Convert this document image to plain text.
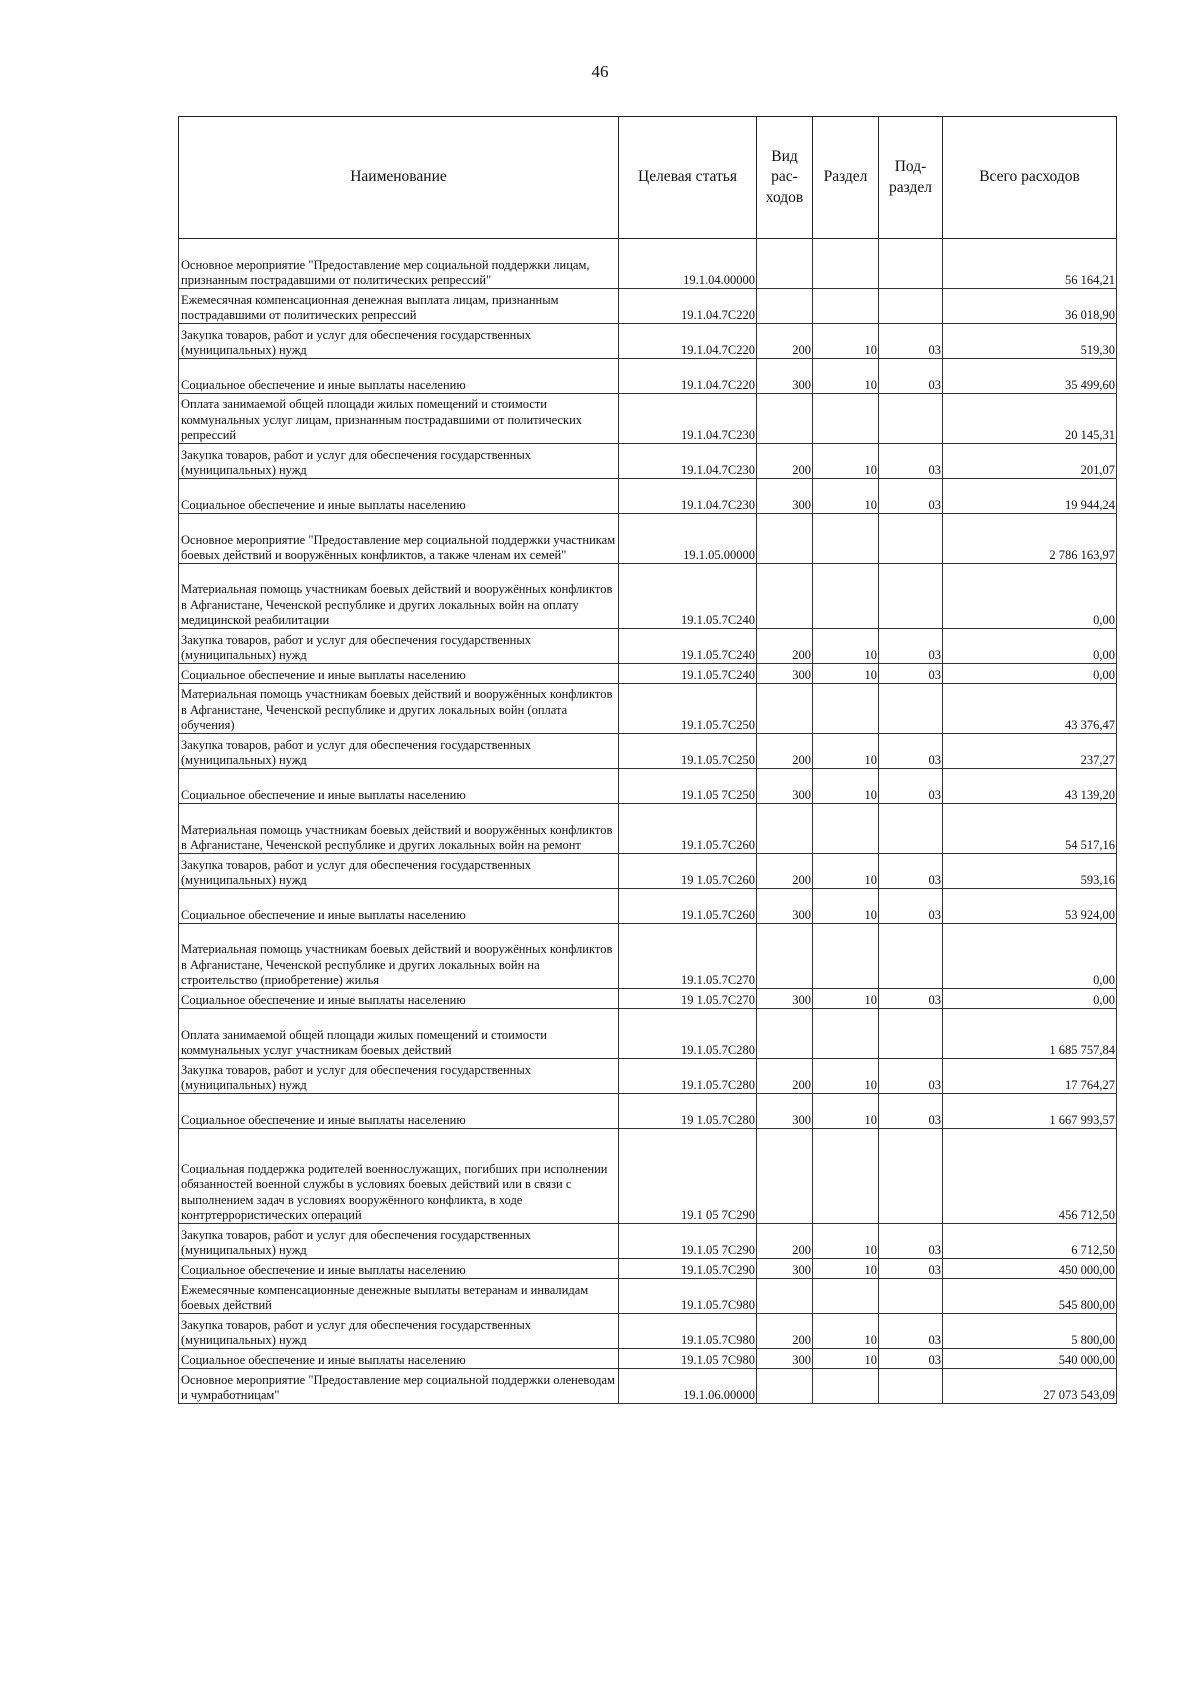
46
Наименование	Целевая статья	Вид рас-ходов	Раздел	Под-раздел	Всего расходов
Основное мероприятие "Предоставление мер социальной поддержки лицам, признанным пострадавшими от политических репрессий"	19.1.04.00000				56 164,21
Ежемесячная компенсационная денежная выплата лицам, признанным пострадавшими от политических репрессий	19.1.04.7С220				36 018,90
Закупка товаров, работ и услуг для обеспечения государственных (муниципальных) нужд	19.1.04.7С220	200	10	03	519,30
Социальное обеспечение и иные выплаты населению	19.1.04.7С220	300	10	03	35 499,60
Оплата занимаемой общей площади жилых помещений и стоимости коммунальных услуг лицам, признанным пострадавшими от политических репрессий	19.1.04.7С230				20 145,31
Закупка товаров, работ и услуг для обеспечения государственных (муниципальных) нужд	19.1.04.7С230	200	10	03	201,07
Социальное обеспечение и иные выплаты населению	19.1.04.7С230	300	10	03	19 944,24
Основное мероприятие "Предоставление мер социальной поддержки участникам боевых действий и вооружённых конфликтов, а также членам их семей"	19.1.05.00000				2 786 163,97
Материальная помощь участникам боевых действий и вооружённых конфликтов в Афганистане, Чеченской республике и других локальных войн на оплату медицинской реабилитации	19.1.05.7С240				0,00
Закупка товаров, работ и услуг для обеспечения государственных (муниципальных) нужд	19.1.05.7С240	200	10	03	0,00
Социальное обеспечение и иные выплаты населению	19.1.05.7С240	300	10	03	0,00
Материальная помощь участникам боевых действий и вооружённых конфликтов в Афганистане, Чеченской республике и других локальных войн (оплата обучения)	19.1.05.7С250				43 376,47
Закупка товаров, работ и услуг для обеспечения государственных (муниципальных) нужд	19.1.05.7С250	200	10	03	237,27
Социальное обеспечение и иные выплаты населению	19.1.05 7С250	300	10	03	43 139,20
Материальная помощь участникам боевых действий и вооружённых конфликтов в Афганистане, Чеченской республике и других локальных войн на ремонт	19.1.05.7С260				54 517,16
Закупка товаров, работ и услуг для обеспечения государственных (муниципальных) нужд	19 1.05.7С260	200	10	03	593,16
Социальное обеспечение и иные выплаты населению	19.1.05.7С260	300	10	03	53 924,00
Материальная помощь участникам боевых действий и вооружённых конфликтов в Афганистане, Чеченской республике и других локальных войн на строительство (приобретение) жилья	19.1.05.7С270				0,00
Социальное обеспечение и иные выплаты населению	19 1.05.7С270	300	10	03	0,00
Оплата занимаемой общей площади жилых помещений и стоимости коммунальных услуг участникам боевых действий	19.1.05.7С280				1 685 757,84
Закупка товаров, работ и услуг для обеспечения государственных (муниципальных) нужд	19.1.05.7С280	200	10	03	17 764,27
Социальное обеспечение и иные выплаты населению	19 1.05.7С280	300	10	03	1 667 993,57
Социальная поддержка родителей военнослужащих, погибших при исполнении обязанностей военной службы в условиях боевых действий или в связи с выполнением задач в условиях вооружённого конфликта, в ходе контртеррористических операций	19.1 05 7С290				456 712,50
Закупка товаров, работ и услуг для обеспечения государственных (муниципальных) нужд	19.1.05 7С290	200	10	03	6 712,50
Социальное обеспечение и иные выплаты населению	19.1.05.7С290	300	10	03	450 000,00
Ежемесячные компенсационные денежные выплаты ветеранам и инвалидам боевых действий	19.1.05.7С980				545 800,00
Закупка товаров, работ и услуг для обеспечения государственных (муниципальных) нужд	19.1.05.7С980	200	10	03	5 800,00
Социальное обеспечение и иные выплаты населению	19.1.05 7С980	300	10	03	540 000,00
Основное мероприятие "Предоставление мер социальной поддержки оленеводам и чумработницам"	19.1.06.00000				27 073 543,09
